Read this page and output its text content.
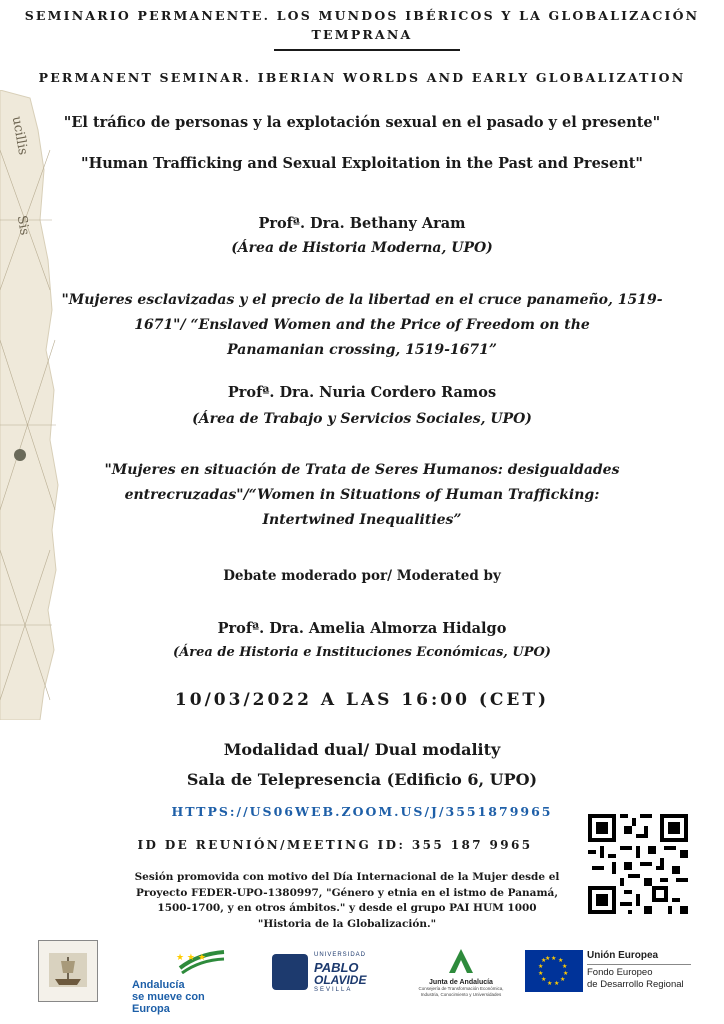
ucillis
Sis
SEMINARIO PERMANENTE. LOS MUNDOS IBÉRICOS Y LA GLOBALIZACIÓN
TEMPRANA
PERMANENT SEMINAR. IBERIAN WORLDS AND EARLY GLOBALIZATION
"El tráfico de personas y la explotación sexual en el pasado y el presente"
"Human Trafficking and Sexual Exploitation in the Past and Present"
Profª. Dra. Bethany Aram
(Área de Historia Moderna, UPO)
"Mujeres esclavizadas y el precio de la libertad en el cruce panameño, 1519-
1671"/ “Enslaved Women and the Price of Freedom on the
Panamanian crossing, 1519-1671”
Profª. Dra. Nuria Cordero Ramos
(Área de Trabajo y Servicios Sociales, UPO)
"Mujeres en situación de Trata de Seres Humanos: desigualdades
entrecruzadas"/“Women in Situations of Human Trafficking:
Intertwined Inequalities”
Debate moderado por/ Moderated by
Profª. Dra. Amelia Almorza Hidalgo
(Área de Historia e Instituciones Económicas, UPO)
10/03/2022 A LAS 16:00 (CET)
Modalidad dual/ Dual modality
Sala de Telepresencia (Edificio 6, UPO)
HTTPS://US06WEB.ZOOM.US/J/3551879965
ID DE REUNIÓN/MEETING ID: 355 187 9965
Sesión promovida con motivo del Día Internacional de la Mujer desde el
Proyecto FEDER-UPO-1380997, "Género y etnia en el istmo de Panamá,
1500-1700, y en otros ámbitos." y desde el grupo PAI HUM 1000
"Historia de la Globalización."
★ ★ ★
Andalucía
se mueve con Europa
UNIVERSIDAD
PABLO
OLAVIDE
SEVILLA
Junta de Andalucía
Consejería de Transformación Económica, Industria, Conocimiento y Universidades
★ ★
★
★
★
★
★
★
★
★
★
★	Unión Europea
Fondo Europeo
de Desarrollo Regional
